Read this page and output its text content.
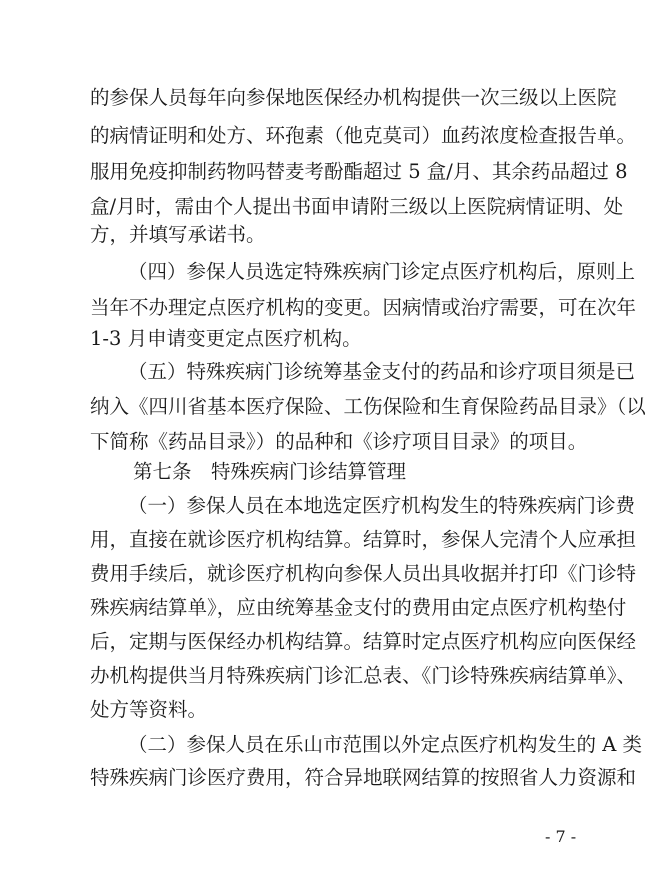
的参保人员每年向参保地医保经办机构提供一次三级以上医院
的病情证明和处方、环孢素（他克莫司）血药浓度检查报告单。
服用免疫抑制药物吗替麦考酚酯超过 5 盒/月、其余药品超过 8
盒/月时，需由个人提出书面申请附三级以上医院病情证明、处
方，并填写承诺书。
（四）参保人员选定特殊疾病门诊定点医疗机构后，原则上
当年不办理定点医疗机构的变更。因病情或治疗需要，可在次年
1-3 月申请变更定点医疗机构。
（五）特殊疾病门诊统筹基金支付的药品和诊疗项目须是已
纳入《四川省基本医疗保险、工伤保险和生育保险药品目录》（以
下简称《药品目录》）的品种和《诊疗项目目录》的项目。
第七条　特殊疾病门诊结算管理
（一）参保人员在本地选定医疗机构发生的特殊疾病门诊费
用，直接在就诊医疗机构结算。结算时，参保人完清个人应承担
费用手续后，就诊医疗机构向参保人员出具收据并打印《门诊特
殊疾病结算单》，应由统筹基金支付的费用由定点医疗机构垫付
后，定期与医保经办机构结算。结算时定点医疗机构应向医保经
办机构提供当月特殊疾病门诊汇总表、《门诊特殊疾病结算单》、
处方等资料。
（二）参保人员在乐山市范围以外定点医疗机构发生的 A 类
特殊疾病门诊医疗费用，符合异地联网结算的按照省人力资源和
- 7 -
